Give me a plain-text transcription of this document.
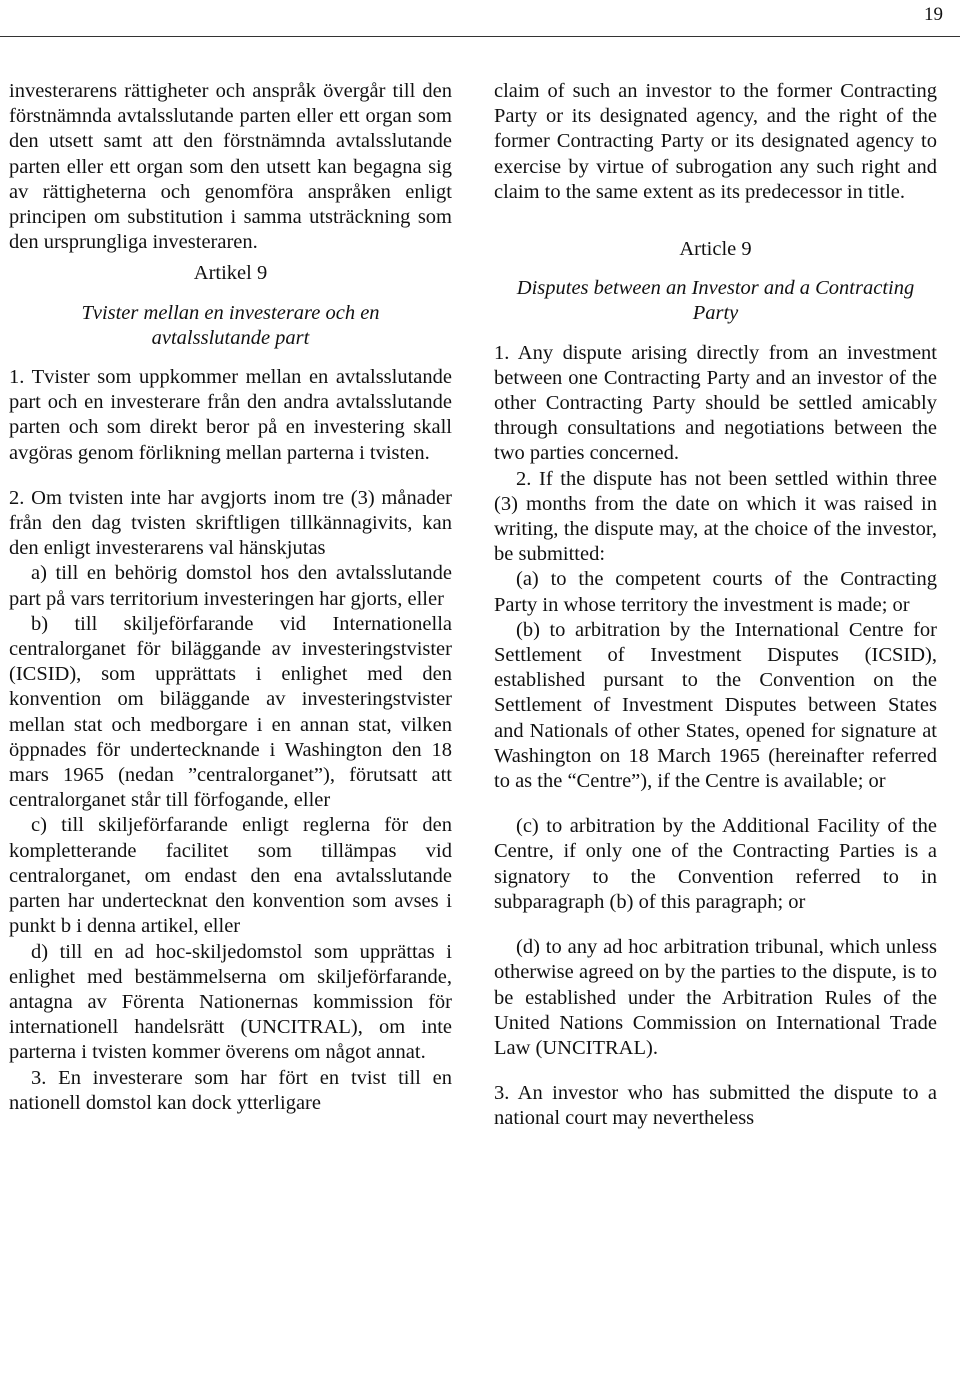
19

investerarens rättigheter och anspråk övergår till den förstnämnda avtalsslutande parten eller ett organ som den utsett samt att den förstnämnda avtalsslutande parten eller ett organ som den utsett kan begagna sig av rättigheterna och genomföra anspråken enligt principen om substitution i samma utsträckning som den ursprungliga investeraren.

Artikel 9
Tvister mellan en investerare och en avtalsslutande part

1. Tvister som uppkommer mellan en avtalsslutande part och en investerare från den andra avtalsslutande parten och som direkt beror på en investering skall avgöras genom förlikning mellan parterna i tvisten.

2. Om tvisten inte har avgjorts inom tre (3) månader från den dag tvisten skriftligen tillkännagivits, kan den enligt investerarens val hänskjutas

a) till en behörig domstol hos den avtalsslutande part på vars territorium investeringen har gjorts, eller

b) till skiljeförfarande vid Internationella centralorganet för biläggande av investeringstvister (ICSID), som upprättats i enlighet med den konvention om biläggande av investeringstvister mellan stat och medborgare i en annan stat, vilken öppnades för undertecknande i Washington den 18 mars 1965 (nedan ”centralorganet”), förutsatt att centralorganet står till förfogande, eller

c) till skiljeförfarande enligt reglerna för den kompletterande facilitet som tillämpas vid centralorganet, om endast den ena avtalsslutande parten har undertecknat den konvention som avses i punkt b i denna artikel, eller

d) till en ad hoc-skiljedomstol som upprättas i enlighet med bestämmelserna om skiljeförfarande, antagna av Förenta Nationernas kommission för internationell handelsrätt (UNCITRAL), om inte parterna i tvisten kommer överens om något annat.

3. En investerare som har fört en tvist till en nationell domstol kan dock ytterligare

claim of such an investor to the former Contracting Party or its designated agency, and the right of the former Contracting Party or its designated agency to exercise by virtue of subrogation any such right and claim to the same extent as its predecessor in title.

Article 9
Disputes between an Investor and a Contracting Party

1. Any dispute arising directly from an investment between one Contracting Party and an investor of the other Contracting Party should be settled amicably through consultations and negotiations between the two parties concerned.

2. If the dispute has not been settled within three (3) months from the date on which it was raised in writing, the dispute may, at the choice of the investor, be submitted:

(a) to the competent courts of the Contracting Party in whose territory the investment is made; or

(b) to arbitration by the International Centre for Settlement of Investment Disputes (ICSID), established pursant to the Convention on the Settlement of Investment Disputes between States and Nationals of other States, opened for signature at Washington on 18 March 1965 (hereinafter referred to as the “Centre”), if the Centre is available; or

(c) to arbitration by the Additional Facility of the Centre, if only one of the Contracting Parties is a signatory to the Convention referred to in subparagraph (b) of this paragraph; or

(d) to any ad hoc arbitration tribunal, which unless otherwise agreed on by the parties to the dispute, is to be established under the Arbitration Rules of the United Nations Commission on International Trade Law (UNCITRAL).

3. An investor who has submitted the dispute to a national court may nevertheless
